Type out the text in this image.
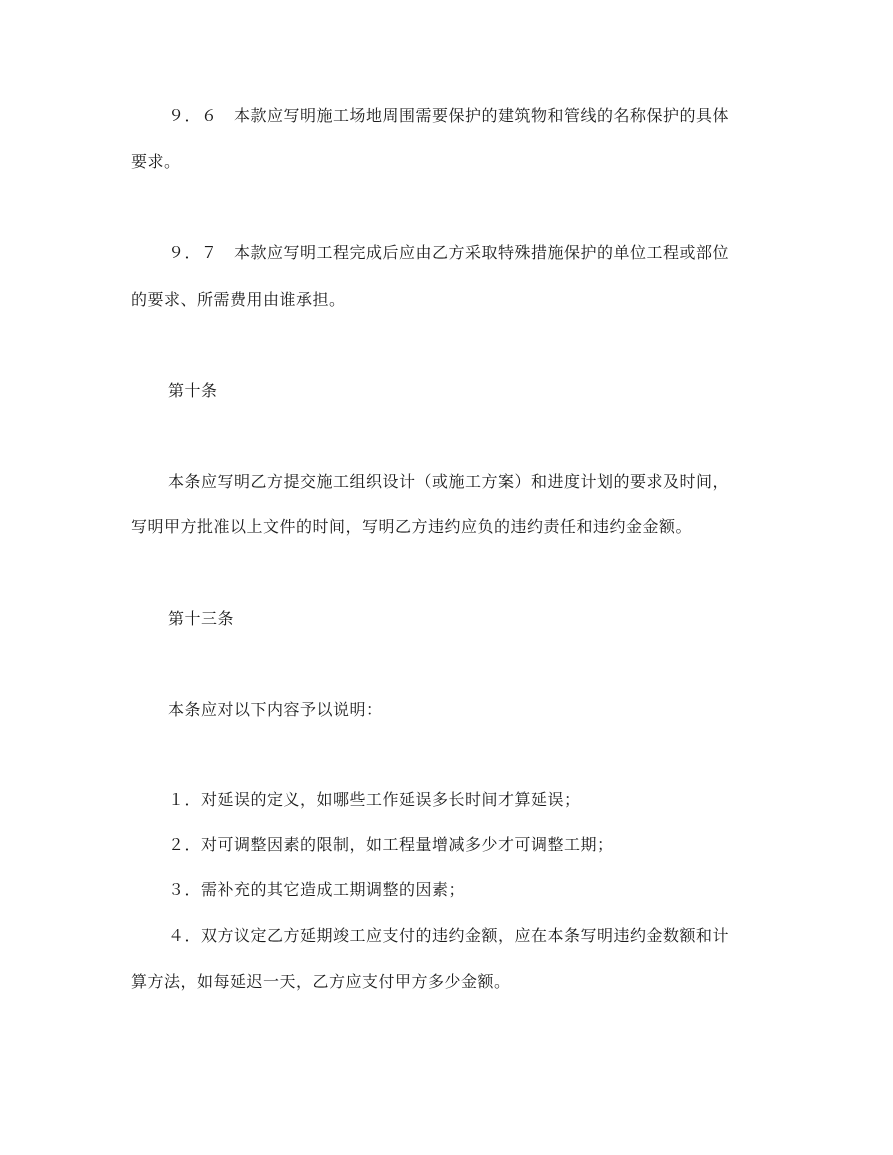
９．６　本款应写明施工场地周围需要保护的建筑物和管线的名称保护的具体
要求。
９．７　本款应写明工程完成后应由乙方采取特殊措施保护的单位工程或部位
的要求、所需费用由谁承担。
第十条
本条应写明乙方提交施工组织设计（或施工方案）和进度计划的要求及时间，
写明甲方批准以上文件的时间，写明乙方违约应负的违约责任和违约金金额。
第十三条
本条应对以下内容予以说明：
１．对延误的定义，如哪些工作延误多长时间才算延误；
２．对可调整因素的限制，如工程量增减多少才可调整工期；
３．需补充的其它造成工期调整的因素；
４．双方议定乙方延期竣工应支付的违约金额，应在本条写明违约金数额和计
算方法，如每延迟一天，乙方应支付甲方多少金额。
